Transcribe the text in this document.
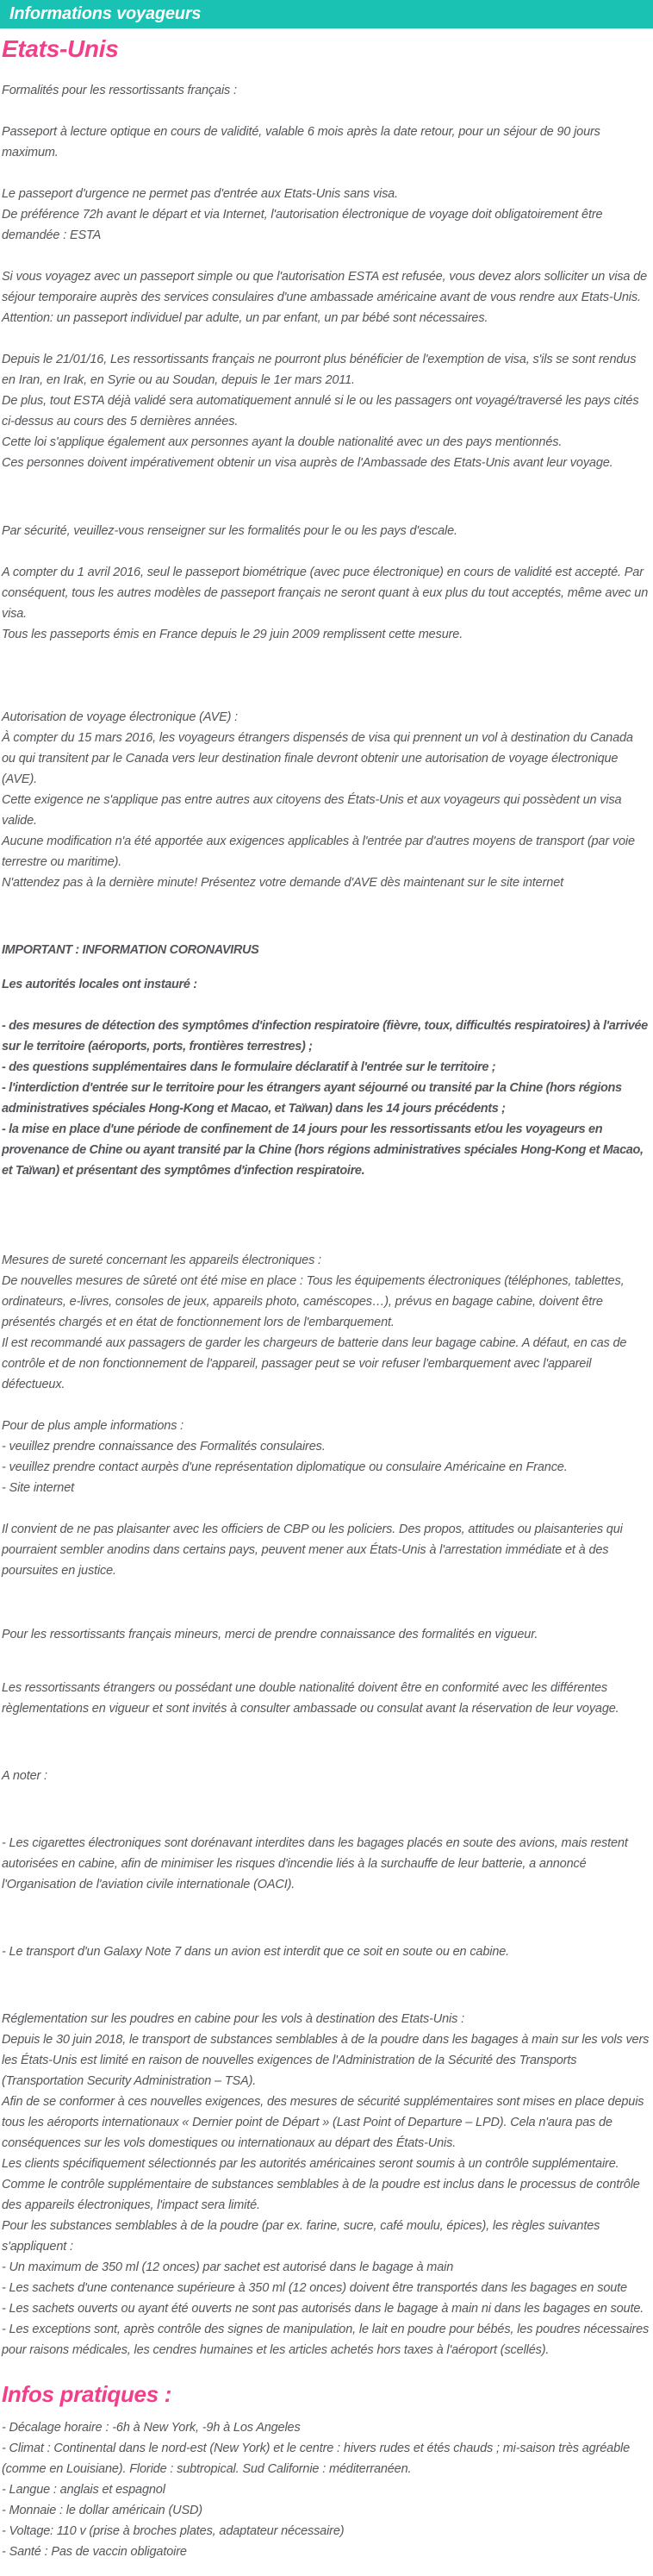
Informations voyageurs
Etats-Unis

Formalités pour les ressortissants français :

Passeport à lecture optique en cours de validité, valable 6 mois après la date retour, pour un séjour de 90 jours maximum.

Le passeport d'urgence ne permet pas d'entrée aux Etats-Unis sans visa.
De préférence 72h avant le départ et via Internet, l'autorisation électronique de voyage doit obligatoirement être demandée : ESTA

Si vous voyagez avec un passeport simple ou que l'autorisation ESTA est refusée, vous devez alors solliciter un visa de séjour temporaire auprès des services consulaires d'une ambassade américaine avant de vous rendre aux Etats-Unis.
Attention: un passeport individuel par adulte, un par enfant, un par bébé sont nécessaires.

Depuis le 21/01/16, Les ressortissants français ne pourront plus bénéficier de l'exemption de visa, s'ils se sont rendus en Iran, en Irak, en Syrie ou au Soudan, depuis le 1er mars 2011.
De plus, tout ESTA déjà validé sera automatiquement annulé si le ou les passagers ont voyagé/traversé les pays cités ci-dessus au cours des 5 dernières années.
Cette loi s'applique également aux personnes ayant la double nationalité avec un des pays mentionnés.
Ces personnes doivent impérativement obtenir un visa auprès de l'Ambassade des Etats-Unis avant leur voyage.

Par sécurité, veuillez-vous renseigner sur les formalités pour le ou les pays d'escale.

A compter du 1 avril 2016, seul le passeport biométrique (avec puce électronique) en cours de validité est accepté. Par conséquent, tous les autres modèles de passeport français ne seront quant à eux plus du tout acceptés, même avec un visa.
Tous les passeports émis en France depuis le 29 juin 2009 remplissent cette mesure.

Autorisation de voyage électronique (AVE) :
À compter du 15 mars 2016, les voyageurs étrangers dispensés de visa qui prennent un vol à destination du Canada ou qui transitent par le Canada vers leur destination finale devront obtenir une autorisation de voyage électronique (AVE).
Cette exigence ne s'applique pas entre autres aux citoyens des États-Unis et aux voyageurs qui possèdent un visa valide.
Aucune modification n'a été apportée aux exigences applicables à l'entrée par d'autres moyens de transport (par voie terrestre ou maritime).
N'attendez pas à la dernière minute! Présentez votre demande d'AVE dès maintenant sur le site internet

IMPORTANT : INFORMATION CORONAVIRUS

Les autorités locales ont instauré :

- des mesures de détection des symptômes d'infection respiratoire (fièvre, toux, difficultés respiratoires) à l'arrivée sur le territoire (aéroports, ports, frontières terrestres) ;
- des questions supplémentaires dans le formulaire déclaratif à l'entrée sur le territoire ;
- l'interdiction d'entrée sur le territoire pour les étrangers ayant séjourné ou transité par la Chine (hors régions administratives spéciales Hong-Kong et Macao, et Taïwan) dans les 14 jours précédents ;
- la mise en place d'une période de confinement de 14 jours pour les ressortissants et/ou les voyageurs en provenance de Chine ou ayant transité par la Chine (hors régions administratives spéciales Hong-Kong et Macao, et Taïwan) et présentant des symptômes d'infection respiratoire.

Mesures de sureté concernant les appareils électroniques :
De nouvelles mesures de sûreté ont été mise en place : Tous les équipements électroniques (téléphones, tablettes, ordinateurs, e-livres, consoles de jeux, appareils photo, caméscopes…), prévus en bagage cabine, doivent être présentés chargés et en état de fonctionnement lors de l'embarquement.
Il est recommandé aux passagers de garder les chargeurs de batterie dans leur bagage cabine. A défaut, en cas de contrôle et de non fonctionnement de l'appareil, passager peut se voir refuser l'embarquement avec l'appareil défectueux.

Pour de plus ample informations :
- veuillez prendre connaissance des Formalités consulaires.
- veuillez prendre contact aurpès d'une représentation diplomatique ou consulaire Américaine en France.
- Site internet

Il convient de ne pas plaisanter avec les officiers de CBP ou les policiers. Des propos, attitudes ou plaisanteries qui pourraient sembler anodins dans certains pays, peuvent mener aux États-Unis à l'arrestation immédiate et à des poursuites en justice.

Pour les ressortissants français mineurs, merci de prendre connaissance des formalités en vigueur.

Les ressortissants étrangers ou possédant une double nationalité doivent être en conformité avec les différentes règlementations en vigueur et sont invités à consulter ambassade ou consulat avant la réservation de leur voyage.

A noter :

- Les cigarettes électroniques sont dorénavant interdites dans les bagages placés en soute des avions, mais restent autorisées en cabine, afin de minimiser les risques d'incendie liés à la surchauffe de leur batterie, a annoncé l'Organisation de l'aviation civile internationale (OACI).

- Le transport d'un Galaxy Note 7 dans un avion est interdit que ce soit en soute ou en cabine.

Réglementation sur les poudres en cabine pour les vols à destination des Etats-Unis :
Depuis le 30 juin 2018, le transport de substances semblables à de la poudre dans les bagages à main sur les vols vers les États-Unis est limité en raison de nouvelles exigences de l'Administration de la Sécurité des Transports (Transportation Security Administration – TSA).
Afin de se conformer à ces nouvelles exigences, des mesures de sécurité supplémentaires sont mises en place depuis tous les aéroports internationaux « Dernier point de Départ » (Last Point of Departure – LPD). Cela n'aura pas de conséquences sur les vols domestiques ou internationaux au départ des États-Unis.
Les clients spécifiquement sélectionnés par les autorités américaines seront soumis à un contrôle supplémentaire.
Comme le contrôle supplémentaire de substances semblables à de la poudre est inclus dans le processus de contrôle des appareils électroniques, l'impact sera limité.
Pour les substances semblables à de la poudre (par ex. farine, sucre, café moulu, épices), les règles suivantes s'appliquent :
- Un maximum de 350 ml (12 onces) par sachet est autorisé dans le bagage à main
- Les sachets d'une contenance supérieure à 350 ml (12 onces) doivent être transportés dans les bagages en soute
- Les sachets ouverts ou ayant été ouverts ne sont pas autorisés dans le bagage à main ni dans les bagages en soute.
- Les exceptions sont, après contrôle des signes de manipulation, le lait en poudre pour bébés, les poudres nécessaires pour raisons médicales, les cendres humaines et les articles achetés hors taxes à l'aéroport (scellés).

Infos pratiques :

- Décalage horaire : -6h à New York, -9h à Los Angeles
- Climat : Continental dans le nord-est (New York) et le centre : hivers rudes et étés chauds ; mi-saison très agréable (comme en Louisiane). Floride : subtropical. Sud Californie : méditerranéen.
- Langue : anglais et espagnol
- Monnaie : le dollar américain (USD)
- Voltage: 110 v (prise à broches plates, adaptateur nécessaire)
- Santé : Pas de vaccin obligatoire
